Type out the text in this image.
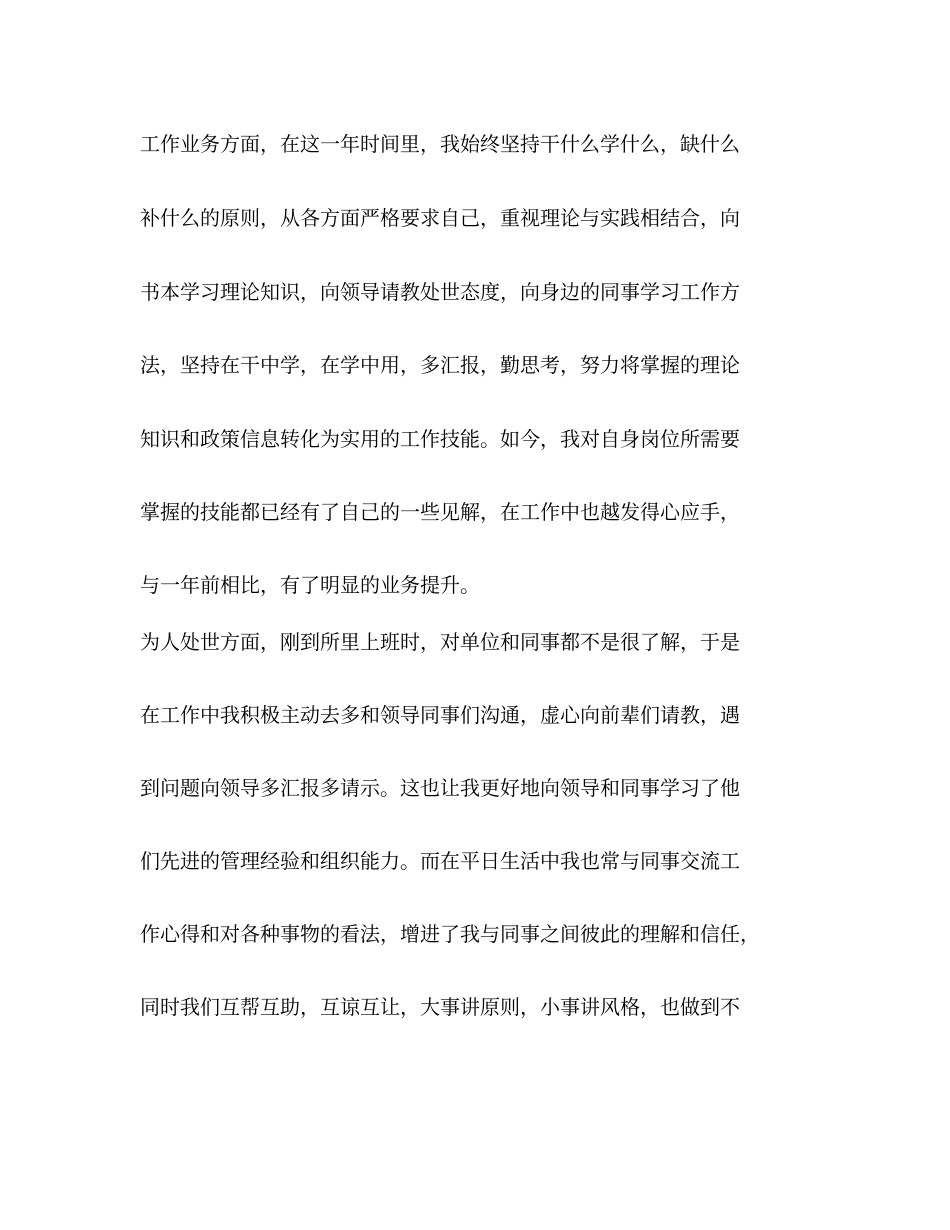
工作业务方面，在这一年时间里，我始终坚持干什么学什么，缺什么
补什么的原则，从各方面严格要求自己，重视理论与实践相结合，向
书本学习理论知识，向领导请教处世态度，向身边的同事学习工作方
法，坚持在干中学，在学中用，多汇报，勤思考，努力将掌握的理论
知识和政策信息转化为实用的工作技能。如今，我对自身岗位所需要
掌握的技能都已经有了自己的一些见解，在工作中也越发得心应手，
与一年前相比，有了明显的业务提升。
为人处世方面，刚到所里上班时，对单位和同事都不是很了解，于是
在工作中我积极主动去多和领导同事们沟通，虚心向前辈们请教，遇
到问题向领导多汇报多请示。这也让我更好地向领导和同事学习了他
们先进的管理经验和组织能力。而在平日生活中我也常与同事交流工
作心得和对各种事物的看法，增进了我与同事之间彼此的理解和信任，
同时我们互帮互助，互谅互让，大事讲原则，小事讲风格，也做到不
